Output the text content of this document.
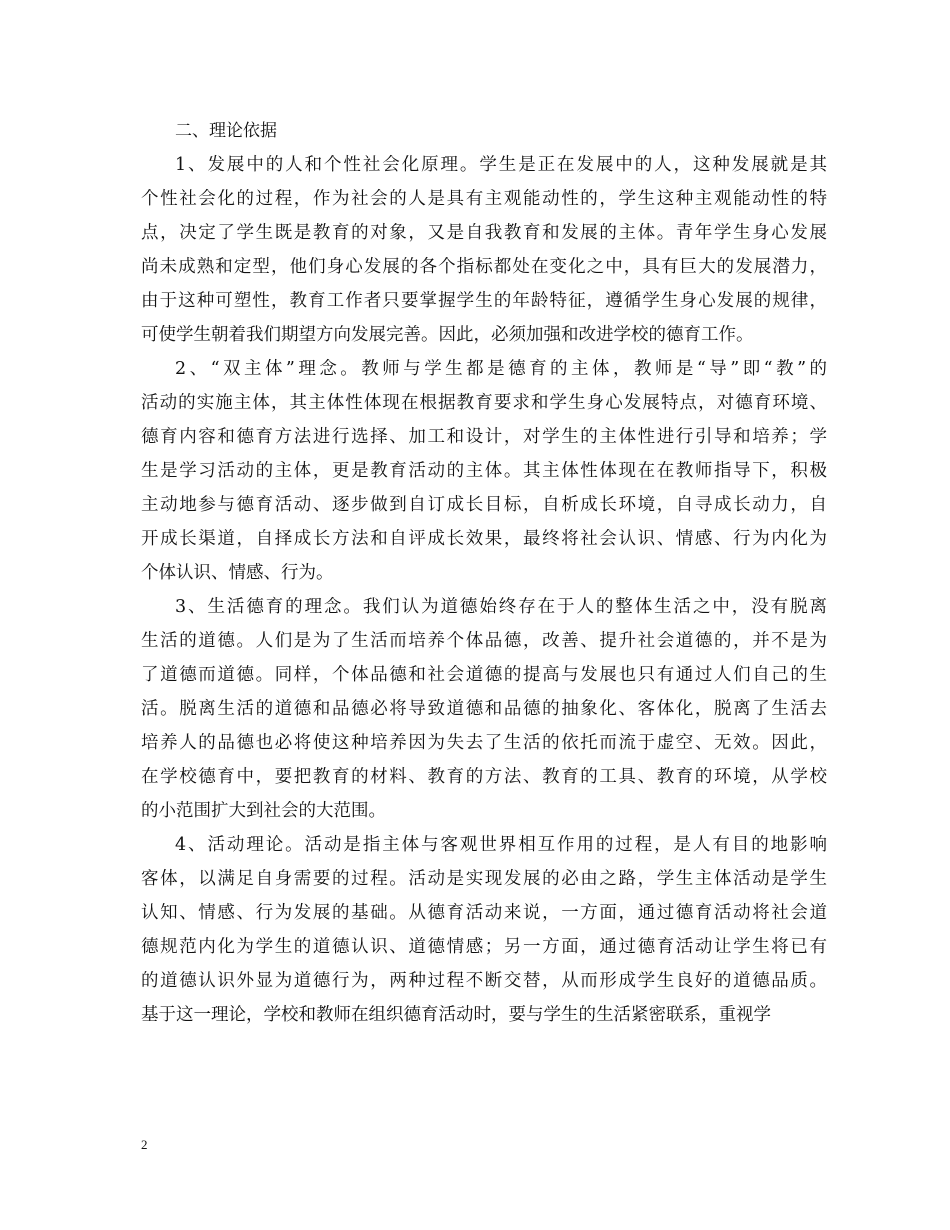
二、理论依据
1、发展中的人和个性社会化原理。学生是正在发展中的人，这种发展就是其
个性社会化的过程，作为社会的人是具有主观能动性的，学生这种主观能动性的特
点，决定了学生既是教育的对象，又是自我教育和发展的主体。青年学生身心发展
尚未成熟和定型，他们身心发展的各个指标都处在变化之中，具有巨大的发展潜力，
由于这种可塑性，教育工作者只要掌握学生的年龄特征，遵循学生身心发展的规律，
可使学生朝着我们期望方向发展完善。因此，必须加强和改进学校的德育工作。
2、“双主体”理念。教师与学生都是德育的主体，教师是“导”即“教”的
活动的实施主体，其主体性体现在根据教育要求和学生身心发展特点，对德育环境、
德育内容和德育方法进行选择、加工和设计，对学生的主体性进行引导和培养；学
生是学习活动的主体，更是教育活动的主体。其主体性体现在在教师指导下，积极
主动地参与德育活动、逐步做到自订成长目标，自析成长环境，自寻成长动力，自
开成长渠道，自择成长方法和自评成长效果，最终将社会认识、情感、行为内化为
个体认识、情感、行为。
3、生活德育的理念。我们认为道德始终存在于人的整体生活之中，没有脱离
生活的道德。人们是为了生活而培养个体品德，改善、提升社会道德的，并不是为
了道德而道德。同样，个体品德和社会道德的提高与发展也只有通过人们自己的生
活。脱离生活的道德和品德必将导致道德和品德的抽象化、客体化，脱离了生活去
培养人的品德也必将使这种培养因为失去了生活的依托而流于虚空、无效。因此，
在学校德育中，要把教育的材料、教育的方法、教育的工具、教育的环境，从学校
的小范围扩大到社会的大范围。
4、活动理论。活动是指主体与客观世界相互作用的过程，是人有目的地影响
客体，以满足自身需要的过程。活动是实现发展的必由之路，学生主体活动是学生
认知、情感、行为发展的基础。从德育活动来说，一方面，通过德育活动将社会道
德规范内化为学生的道德认识、道德情感；另一方面，通过德育活动让学生将已有
的道德认识外显为道德行为，两种过程不断交替，从而形成学生良好的道德品质。
基于这一理论，学校和教师在组织德育活动时，要与学生的生活紧密联系，重视学
2
